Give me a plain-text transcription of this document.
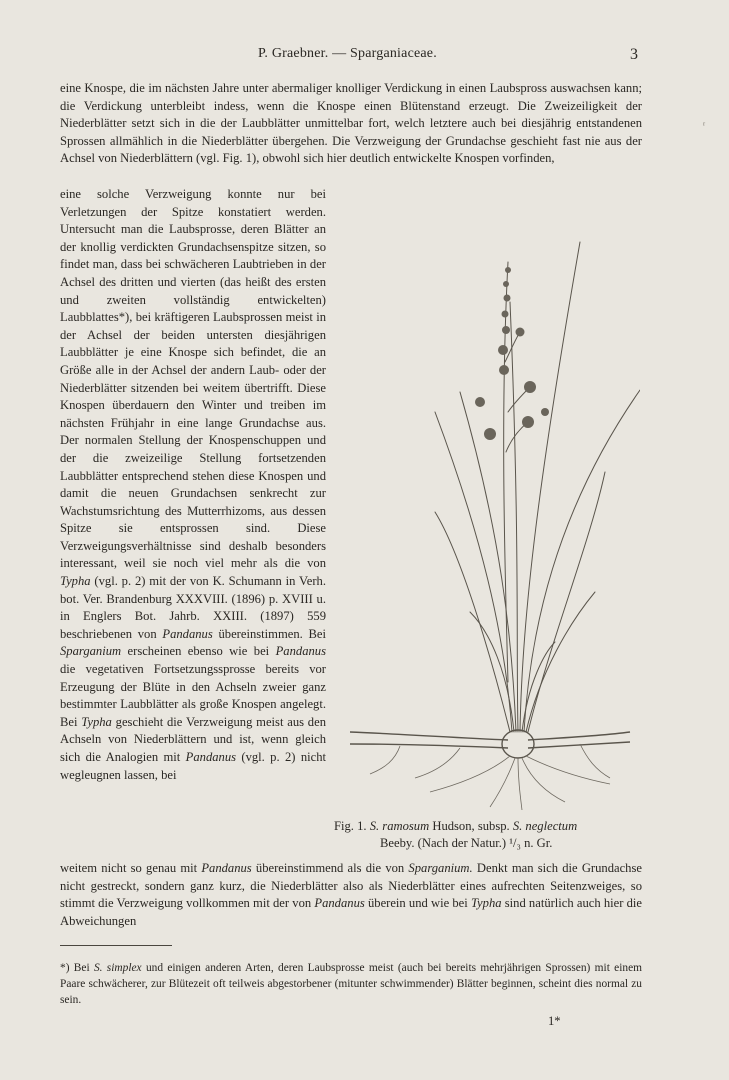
P. Graebner. — Sparganiaceae.	3
ʳ

eine Knospe, die im nächsten Jahre unter abermaliger knolliger Verdickung in einen Laubspross auswachsen kann; die Verdickung unterbleibt indess, wenn die Knospe einen Blütenstand erzeugt. Die Zweizeiligkeit der Niederblätter setzt sich in die der Laubblätter unmittelbar fort, welch letztere auch bei diesjährig entstandenen Sprossen allmählich in die Niederblätter übergehen. Die Verzweigung der Grundachse geschieht fast nie aus der Achsel von Niederblättern (vgl. Fig. 1), obwohl sich hier deutlich entwickelte Knospen vorfinden,

eine solche Verzweigung konnte nur bei Verletzungen der Spitze konstatiert werden. Untersucht man die Laubsprosse, deren Blätter an der knollig verdickten Grundachsenspitze sitzen, so findet man, dass bei schwächeren Laubtrieben in der Achsel des dritten und vierten (das heißt des ersten und zweiten vollständig entwickelten) Laubblattes*), bei kräftigeren Laubsprossen meist in der Achsel der beiden untersten diesjährigen Laubblätter je eine Knospe sich befindet, die an Größe alle in der Achsel der andern Laub- oder der Niederblätter sitzenden bei weitem übertrifft. Diese Knospen überdauern den Winter und treiben im nächsten Frühjahr in eine lange Grundachse aus. Der normalen Stellung der Knospenschuppen und der die zweizeilige Stellung fortsetzenden Laubblätter entsprechend stehen diese Knospen und damit die neuen Grundachsen senkrecht zur Wachstumsrichtung des Mutterrhizoms, aus dessen Spitze sie entsprossen sind. Diese Verzweigungsverhältnisse sind deshalb besonders interessant, weil sie noch viel mehr als die von Typha (vgl. p. 2) mit der von K. Schumann in Verh. bot. Ver. Brandenburg XXXVIII. (1896) p. XVIII u. in Englers Bot. Jahrb. XXIII. (1897) 559 beschriebenen von Pandanus übereinstimmen. Bei Sparganium erscheinen ebenso wie bei Pandanus die vegetativen Fortsetzungssprosse bereits vor Erzeugung der Blüte in den Achseln zweier ganz bestimmter Laubblätter als große Knospen angelegt. Bei Typha geschieht die Verzweigung meist aus den Achseln von Niederblättern und ist, wenn gleich sich die Analogien mit Pandanus (vgl. p. 2) nicht wegleugnen lassen, bei

Fig. 1. S. ramosum Hudson, subsp. S. neglectum
Beeby. (Nach der Natur.) ¹/₃ n. Gr.

weitem nicht so genau mit Pandanus übereinstimmend als die von Sparganium. Denkt man sich die Grundachse nicht gestreckt, sondern ganz kurz, die Niederblätter also als Niederblätter eines aufrechten Seitenzweiges, so stimmt die Verzweigung vollkommen mit der von Pandanus überein und wie bei Typha sind natürlich auch hier die Abweichungen

*) Bei S. simplex und einigen anderen Arten, deren Laubsprosse meist (auch bei bereits mehrjährigen Sprossen) mit einem Paare schwächerer, zur Blütezeit oft teilweis abgestorbener (mitunter schwimmender) Blätter beginnen, scheint dies normal zu sein.
1*
